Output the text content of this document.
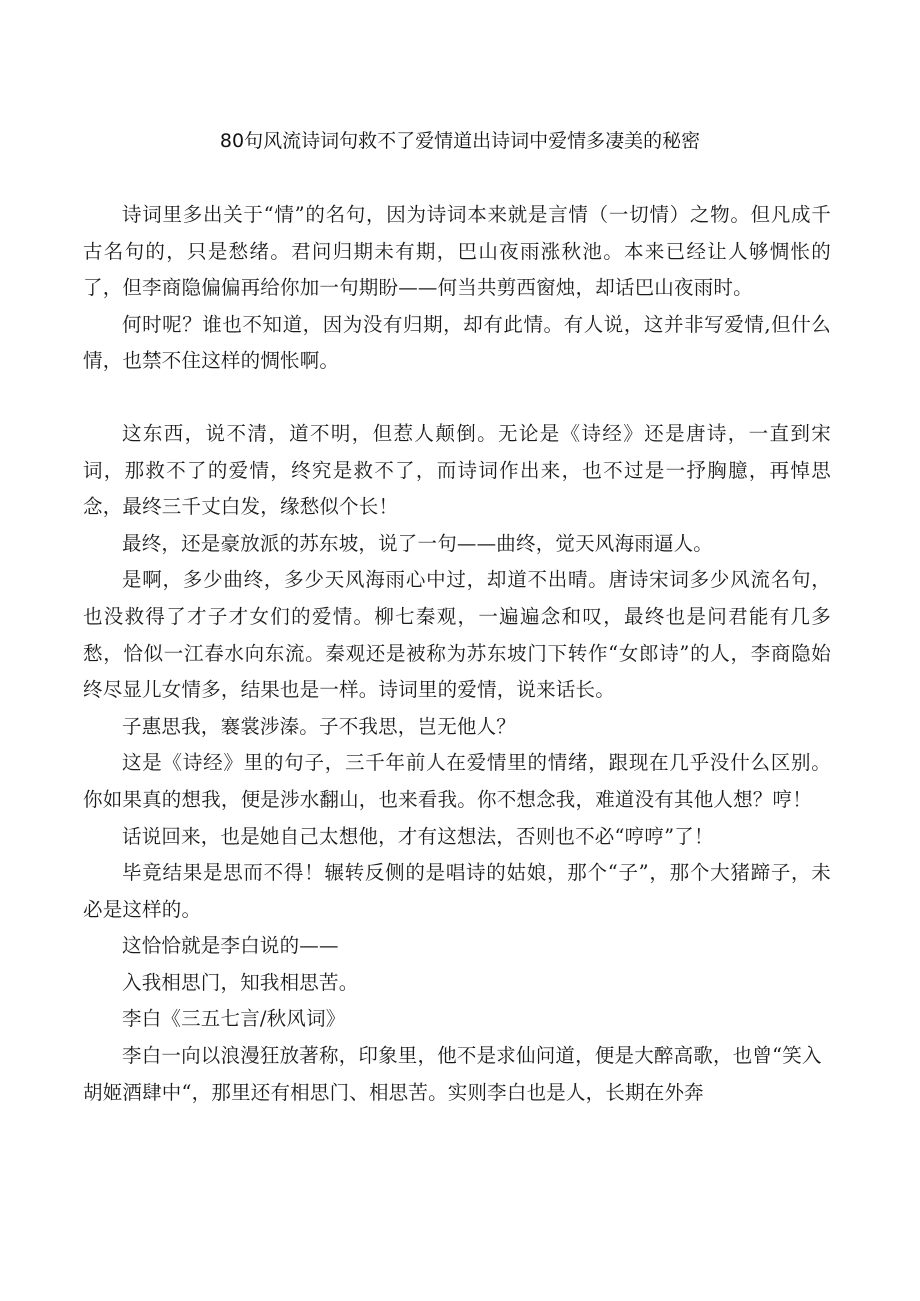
80句风流诗词句救不了爱情道出诗词中爱情多凄美的秘密

诗词里多出关于“情”的名句，因为诗词本来就是言情（一切情）之物。但凡成千古名句的，只是愁绪。君问归期未有期，巴山夜雨涨秋池。本来已经让人够惆怅的了，但李商隐偏偏再给你加一句期盼——何当共剪西窗烛，却话巴山夜雨时。

何时呢？谁也不知道，因为没有归期，却有此情。有人说，这并非写爱情,但什么情，也禁不住这样的惆怅啊。

这东西，说不清，道不明，但惹人颠倒。无论是《诗经》还是唐诗，一直到宋词，那救不了的爱情，终究是救不了，而诗词作出来，也不过是一抒胸臆，再悼思念，最终三千丈白发，缘愁似个长！

最终，还是豪放派的苏东坡，说了一句——曲终，觉天风海雨逼人。

是啊，多少曲终，多少天风海雨心中过，却道不出晴。唐诗宋词多少风流名句，也没救得了才子才女们的爱情。柳七秦观，一遍遍念和叹，最终也是问君能有几多愁，恰似一江春水向东流。秦观还是被称为苏东坡门下转作“女郎诗”的人，李商隐始终尽显儿女情多，结果也是一样。诗词里的爱情，说来话长。

子惠思我，褰裳涉溱。子不我思，岂无他人？

这是《诗经》里的句子，三千年前人在爱情里的情绪，跟现在几乎没什么区别。你如果真的想我，便是涉水翻山，也来看我。你不想念我，难道没有其他人想？哼！

话说回来，也是她自己太想他，才有这想法，否则也不必“哼哼”了！

毕竟结果是思而不得！辗转反侧的是唱诗的姑娘，那个“子”，那个大猪蹄子，未必是这样的。

这恰恰就是李白说的——

入我相思门，知我相思苦。

李白《三五七言/秋风词》

李白一向以浪漫狂放著称，印象里，他不是求仙问道，便是大醉高歌，也曾“笑入胡姬酒肆中“，那里还有相思门、相思苦。实则李白也是人，长期在外奔
